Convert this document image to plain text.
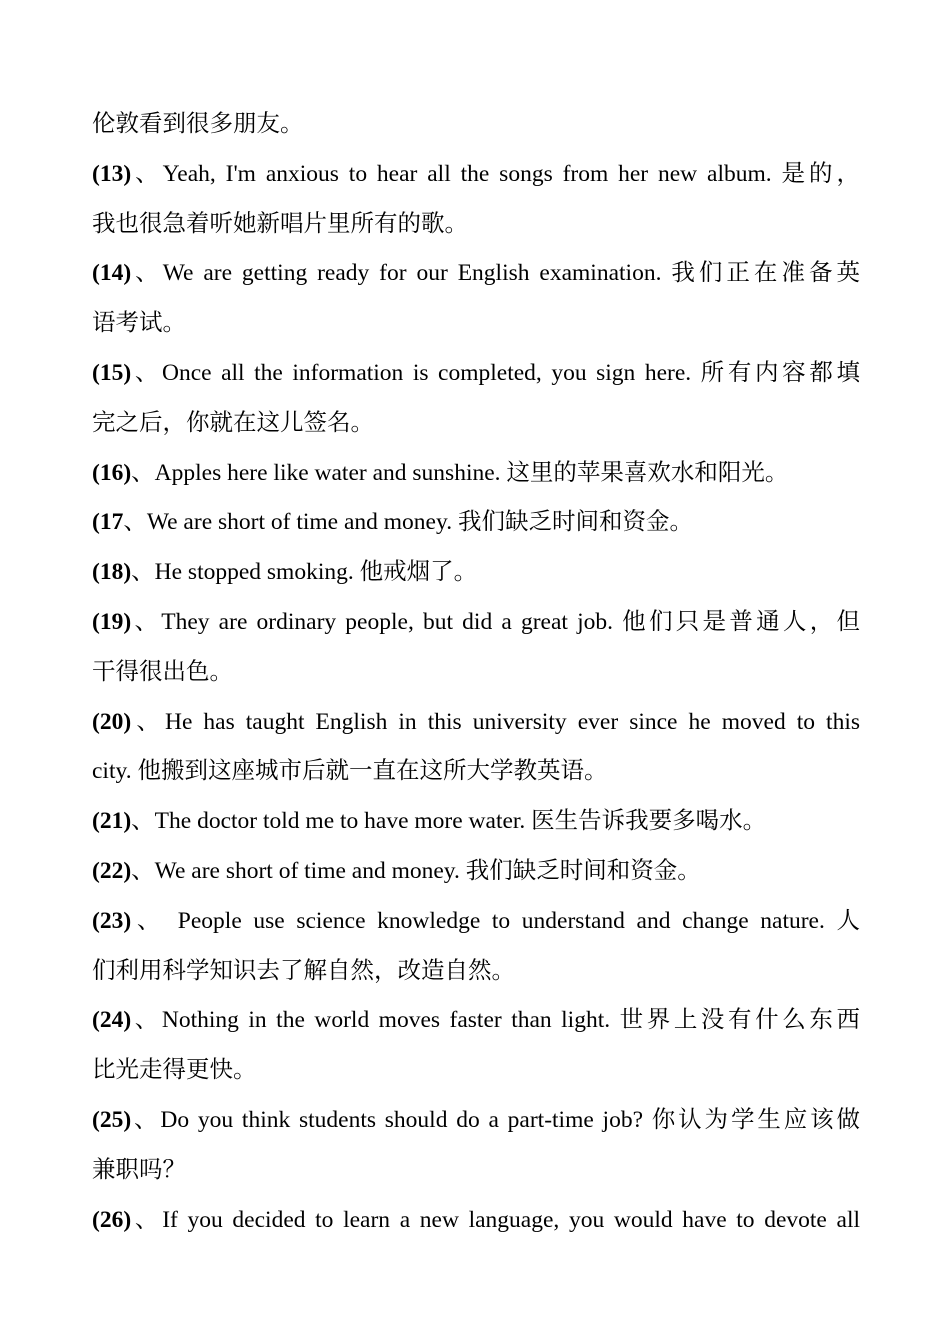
伦敦看到很多朋友。
(13)、Yeah, I'm anxious to hear all the songs from her new album. 是的，
我也很急着听她新唱片里所有的歌。
(14)、We are getting ready for our English examination. 我们正在准备英
语考试。
(15)、Once all the information is completed, you sign here. 所有内容都填
完之后，你就在这儿签名。
(16)、Apples here like water and sunshine. 这里的苹果喜欢水和阳光。
(17、We are short of time and money. 我们缺乏时间和资金。
(18)、He stopped smoking. 他戒烟了。
(19)、They are ordinary people, but did a great job. 他们只是普通人，但
干得很出色。
(20)、He has taught English in this university ever since he moved to this
city. 他搬到这座城市后就一直在这所大学教英语。
(21)、The doctor told me to have more water. 医生告诉我要多喝水。
(22)、We are short of time and money. 我们缺乏时间和资金。
(23)、 People use science knowledge to understand and change nature. 人
们利用科学知识去了解自然，改造自然。
(24)、Nothing in the world moves faster than light. 世界上没有什么东西
比光走得更快。
(25)、Do you think students should do a part-time job? 你认为学生应该做
兼职吗？
(26)、If you decided to learn a new language, you would have to devote all
